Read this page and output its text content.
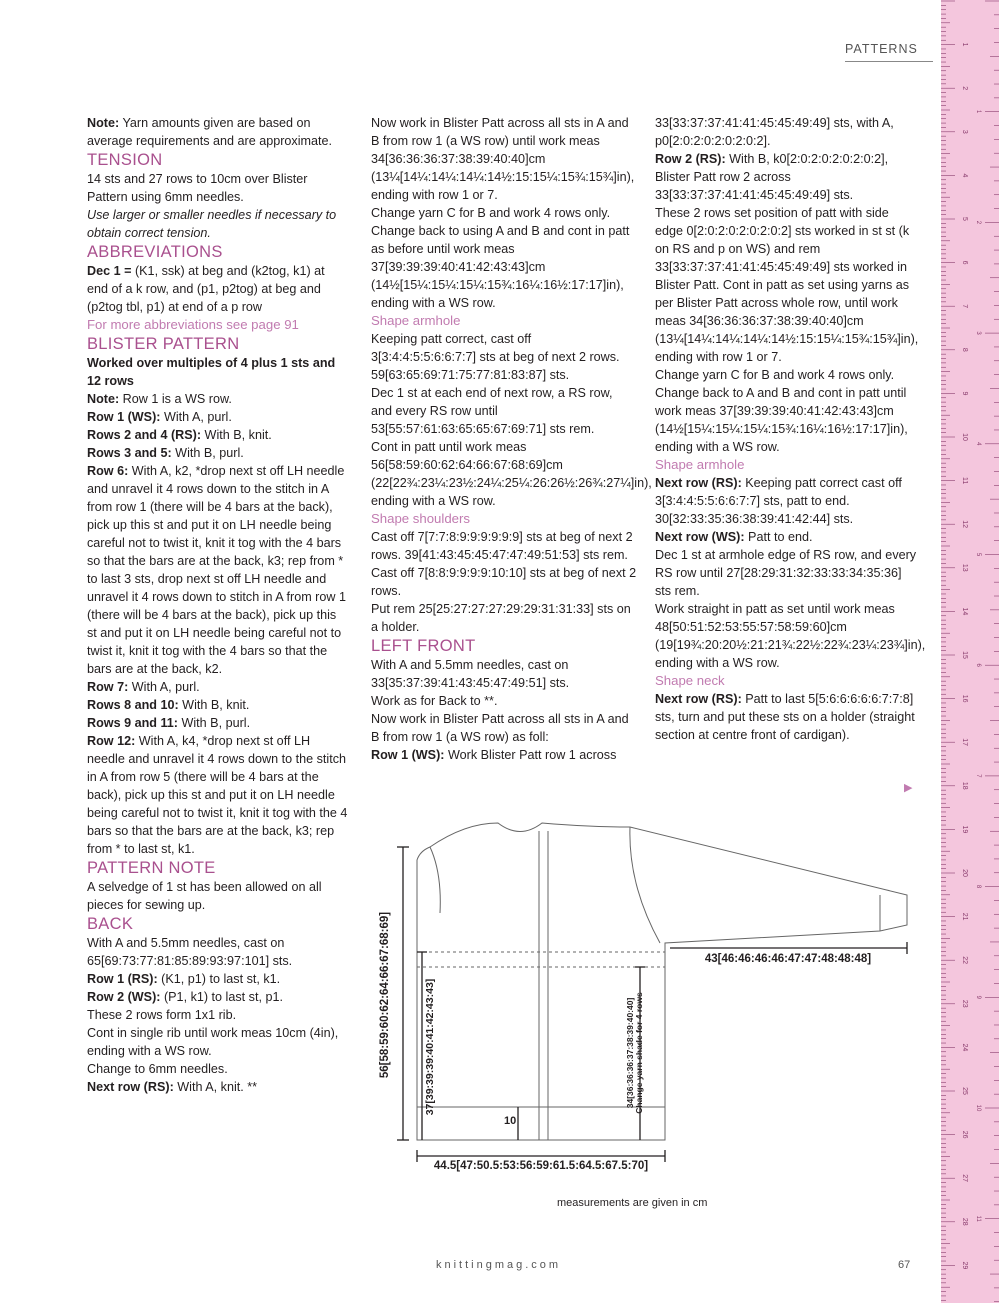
PATTERNS

Note: Yarn amounts given are based on average requirements and are approximate.

TENSION

14 sts and 27 rows to 10cm over Blister Pattern using 6mm needles.

Use larger or smaller needles if necessary to obtain correct tension.

ABBREVIATIONS

Dec 1 = (K1, ssk) at beg and (k2tog, k1) at end of a k row, and (p1, p2tog) at beg and (p2tog tbl, p1) at end of a p row

For more abbreviations see page 91

BLISTER PATTERN

Worked over multiples of 4 plus 1 sts and 12 rows

Note: Row 1 is a WS row.

Row 1 (WS): With A, purl.

Rows 2 and 4 (RS): With B, knit.

Rows 3 and 5: With B, purl.

Row 6: With A, k2, *drop next st off LH needle and unravel it 4 rows down to the stitch in A from row 1 (there will be 4 bars at the back), pick up this st and put it on LH needle being careful not to twist it, knit it tog with the 4 bars so that the bars are at the back, k3; rep from * to last 3 sts, drop next st off LH needle and unravel it 4 rows down to stitch in A from row 1 (there will be 4 bars at the back), pick up this st and put it on LH needle being careful not to twist it, knit it tog with the 4 bars so that the bars are at the back, k2.

Row 7: With A, purl.

Rows 8 and 10: With B, knit.

Rows 9 and 11: With B, purl.

Row 12: With A, k4, *drop next st off LH needle and unravel it 4 rows down to the stitch in A from row 5 (there will be 4 bars at the back), pick up this st and put it on LH needle being careful not to twist it, knit it tog with the 4 bars so that the bars are at the back, k3; rep from * to last st, k1.

PATTERN NOTE

A selvedge of 1 st has been allowed on all pieces for sewing up.

BACK

With A and 5.5mm needles, cast on 65[69:73:77:81:85:89:93:97:101] sts.

Row 1 (RS): (K1, p1) to last st, k1.

Row 2 (WS): (P1, k1) to last st, p1.

These 2 rows form 1x1 rib.

Cont in single rib until work meas 10cm (4in), ending with a WS row.

Change to 6mm needles.

Next row (RS): With A, knit. **

Now work in Blister Patt across all sts in A and B from row 1 (a WS row) until work meas 34[36:36:36:37:38:39:40:40]cm (13¼[14¼:14¼:14¼:14½:15:15¼:15¾:15¾]in), ending with row 1 or 7.

Change yarn C for B and work 4 rows only. Change back to using A and B and cont in patt as before until work meas 37[39:39:39:40:41:42:43:43]cm (14½[15¼:15¼:15¼:15¾:16¼:16½:17:17]in), ending with a WS row.

Shape armhole

Keeping patt correct, cast off 3[3:4:4:5:5:6:6:7:7] sts at beg of next 2 rows. 59[63:65:69:71:75:77:81:83:87] sts.

Dec 1 st at each end of next row, a RS row, and every RS row until 53[55:57:61:63:65:65:67:69:71] sts rem.

Cont in patt until work meas 56[58:59:60:62:64:66:67:68:69]cm (22[22¾:23¼:23½:24¼:25¼:26:26½:26¾:27¼]in), ending with a WS row.

Shape shoulders

Cast off 7[7:7:8:9:9:9:9:9:9] sts at beg of next 2 rows. 39[41:43:45:45:47:47:49:51:53] sts rem.

Cast off 7[8:8:9:9:9:9:10:10] sts at beg of next 2 rows.

Put rem 25[25:27:27:27:29:29:31:31:33] sts on a holder.

LEFT FRONT

With A and 5.5mm needles, cast on 33[35:37:39:41:43:45:47:49:51] sts.

Work as for Back to **.

Now work in Blister Patt across all sts in A and B from row 1 (a WS row) as foll:

Row 1 (WS): Work Blister Patt row 1 across

33[33:37:37:41:41:45:45:49:49] sts, with A, p0[2:0:2:0:2:0:2:0:2].

Row 2 (RS): With B, k0[2:0:2:0:2:0:2:0:2], Blister Patt row 2 across 33[33:37:37:41:41:45:45:49:49] sts.

These 2 rows set position of patt with side edge 0[2:0:2:0:2:0:2:0:2] sts worked in st st (k on RS and p on WS) and rem 33[33:37:37:41:41:45:45:49:49] sts worked in Blister Patt. Cont in patt as set using yarns as per Blister Patt across whole row, until work meas 34[36:36:36:37:38:39:40:40]cm (13¼[14¼:14¼:14¼:14½:15:15¼:15¾:15¾]in), ending with row 1 or 7.

Change yarn C for B and work 4 rows only. Change back to A and B and cont in patt until work meas 37[39:39:39:40:41:42:43:43]cm (14½[15¼:15¼:15¼:15¾:16¼:16½:17:17]in), ending with a WS row.

Shape armhole

Next row (RS): Keeping patt correct cast off 3[3:4:4:5:5:6:6:7:7] sts, patt to end. 30[32:33:35:36:38:39:41:42:44] sts.

Next row (WS): Patt to end.

Dec 1 st at armhole edge of RS row, and every RS row until 27[28:29:31:32:33:33:34:35:36] sts rem.

Work straight in patt as set until work meas 48[50:51:52:53:55:57:58:59:60]cm (19[19¾:20:20½:21:21¾:22½:22¾:23¼:23¾]in), ending with a WS row.

Shape neck

Next row (RS): Patt to last 5[5:6:6:6:6:6:7:7:8] sts, turn and put these sts on a holder (straight section at centre front of cardigan).

▶
56[58:59:60:62:64:66:67:68:69]	37[39:39:39:40:41:42:43:43]	34[36:36:36:37:38:39:40:40] Change yarn shade for 4 rows
10
44.5[47:50.5:53:56:59:61.5:64.5:67.5:70]
43[46:46:46:46:47:47:48:48:48]
measurements are given in cm
1
2
3
4
5
6
7
8
9
10
11
12
13
14
15
16
17
18
19
20
21
22
23
24
25
26
27
28
29
1
2
3
4
5
6
7
8
9
10
11
knittingmag.com	67
